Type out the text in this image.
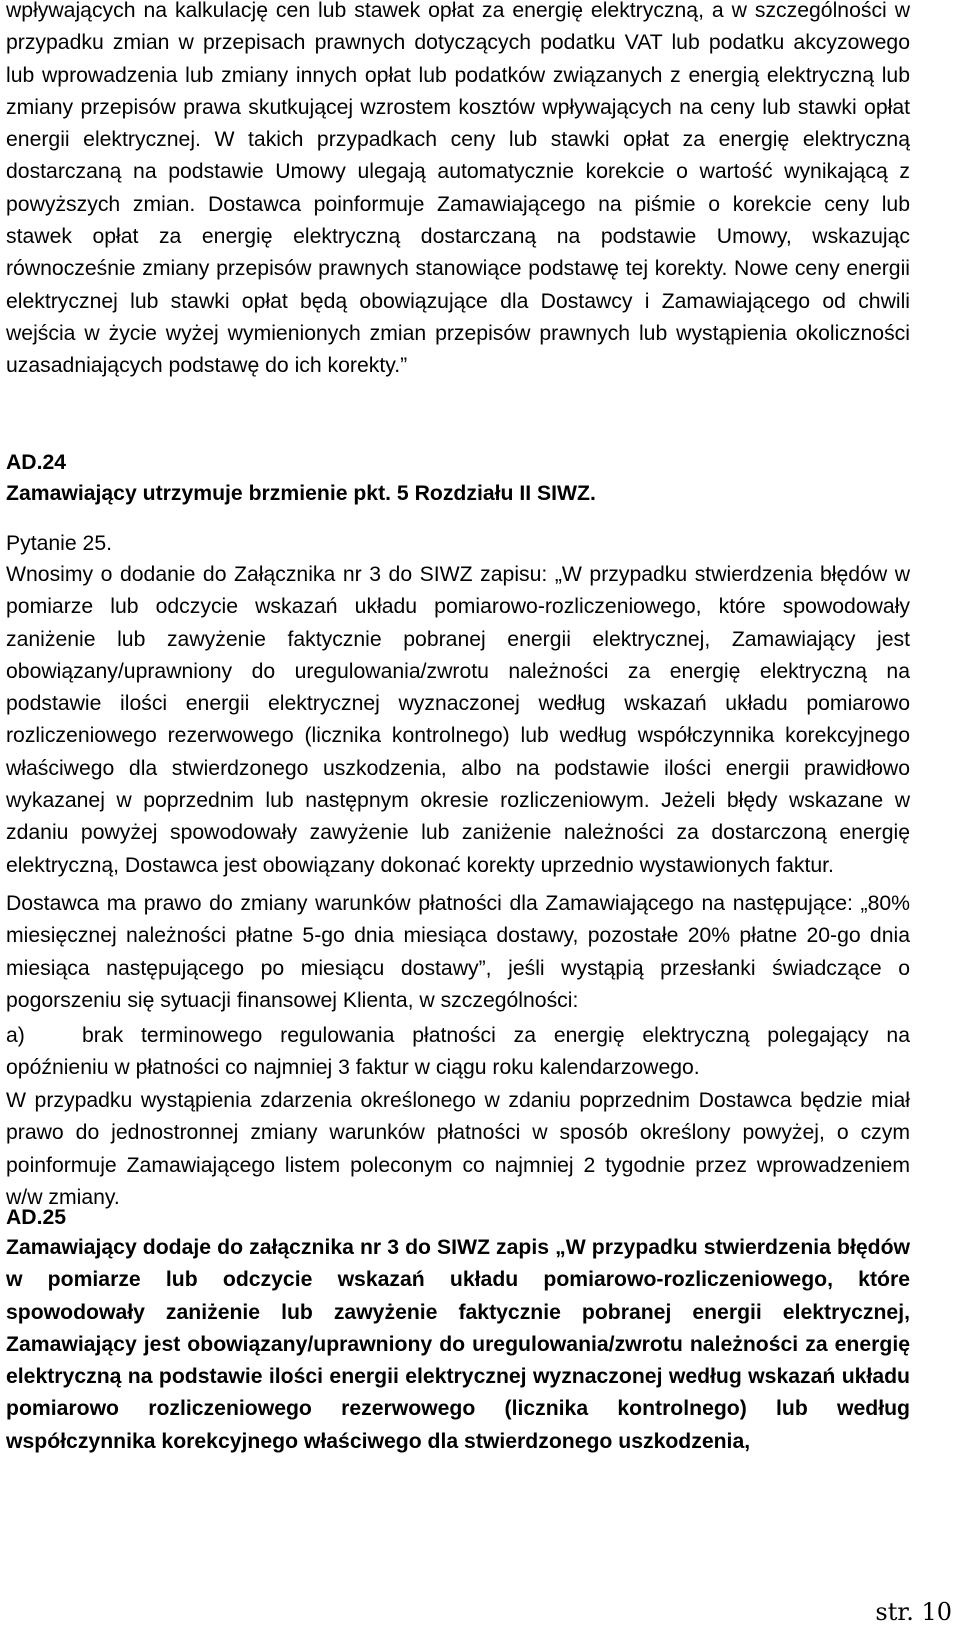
wpływających na kalkulację cen lub stawek opłat za energię elektryczną, a w szczególności w przypadku zmian w przepisach prawnych dotyczących podatku VAT lub podatku akcyzowego lub wprowadzenia lub zmiany innych opłat lub podatków związanych z energią elektryczną lub zmiany przepisów prawa skutkującej wzrostem kosztów wpływających na ceny lub stawki opłat energii elektrycznej. W takich przypadkach ceny lub stawki opłat za energię elektryczną dostarczaną na podstawie Umowy ulegają automatycznie korekcie o wartość wynikającą z powyższych zmian. Dostawca poinformuje Zamawiającego na piśmie o korekcie ceny lub stawek opłat za energię elektryczną dostarczaną na podstawie Umowy, wskazując równocześnie zmiany przepisów prawnych stanowiące podstawę tej korekty. Nowe ceny energii elektrycznej lub stawki opłat będą obowiązujące dla Dostawcy i Zamawiającego od chwili wejścia w życie wyżej wymienionych zmian przepisów prawnych lub wystąpienia okoliczności uzasadniających podstawę do ich korekty.”

AD.24

Zamawiający utrzymuje brzmienie pkt. 5 Rozdziału II SIWZ.

Pytanie 25.

Wnosimy o dodanie do Załącznika nr 3 do SIWZ zapisu: „W przypadku stwierdzenia błędów w pomiarze lub odczycie wskazań układu pomiarowo-rozliczeniowego, które spowodowały zaniżenie lub zawyżenie faktycznie pobranej energii elektrycznej, Zamawiający jest obowiązany/uprawniony do uregulowania/zwrotu należności za energię elektryczną na podstawie ilości energii elektrycznej wyznaczonej według wskazań układu pomiarowo rozliczeniowego rezerwowego (licznika kontrolnego) lub według współczynnika korekcyjnego właściwego dla stwierdzonego uszkodzenia, albo na podstawie ilości energii prawidłowo wykazanej w poprzednim lub następnym okresie rozliczeniowym. Jeżeli błędy wskazane w zdaniu powyżej spowodowały zawyżenie lub zaniżenie należności za dostarczoną energię elektryczną, Dostawca jest obowiązany dokonać korekty uprzednio wystawionych faktur.

Dostawca ma prawo do zmiany warunków płatności dla Zamawiającego na następujące: „80% miesięcznej należności płatne 5-go dnia miesiąca dostawy, pozostałe 20% płatne 20-go dnia miesiąca następującego po miesiącu dostawy”, jeśli wystąpią przesłanki świadczące o pogorszeniu się sytuacji finansowej Klienta, w szczególności:

a)	brak terminowego regulowania płatności za energię elektryczną polegający na opóźnieniu w płatności co najmniej 3 faktur w ciągu roku kalendarzowego.

W przypadku wystąpienia zdarzenia określonego w zdaniu poprzednim Dostawca będzie miał prawo do jednostronnej zmiany warunków płatności w sposób określony powyżej, o czym poinformuje Zamawiającego listem poleconym co najmniej 2 tygodnie przez wprowadzeniem w/w zmiany.

AD.25

Zamawiający dodaje do załącznika nr 3 do SIWZ zapis „W przypadku stwierdzenia błędów w pomiarze lub odczycie wskazań układu pomiarowo-rozliczeniowego, które spowodowały zaniżenie lub zawyżenie faktycznie pobranej energii elektrycznej, Zamawiający jest obowiązany/uprawniony do uregulowania/zwrotu należności za energię elektryczną na podstawie ilości energii elektrycznej wyznaczonej według wskazań układu pomiarowo rozliczeniowego rezerwowego (licznika kontrolnego) lub według współczynnika korekcyjnego właściwego dla stwierdzonego uszkodzenia,

str. 10
